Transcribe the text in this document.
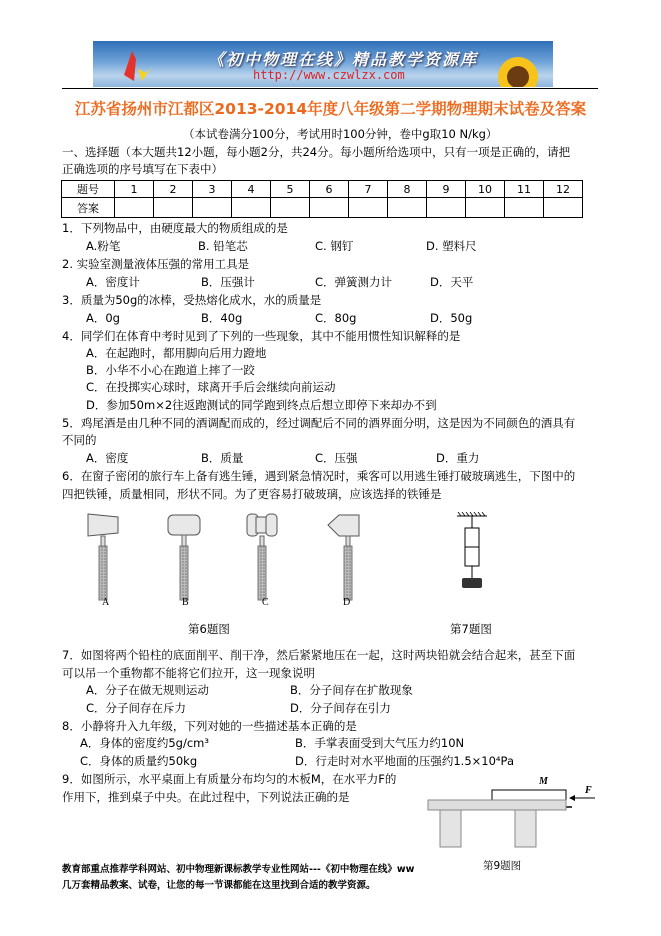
《初中物理在线》精品教学资源库
http://www.czwlzx.com
江苏省扬州市江都区2013-2014年度八年级第二学期物理期末试卷及答案
（本试卷满分100分，考试用时100分钟，卷中g取10 N/kg）
一、选择题（本大题共12小题，每小题2分，共24分。每小题所给选项中，只有一项是正确的，请把
正确选项的序号填写在下表中）
题号	1	2	3	4	5	6	7	8	9	10	11	12
答案												
1．下列物品中，由硬度最大的物质组成的是
A.粉笔	B. 铅笔芯	C. 钢钉	D. 塑料尺
2. 实验室测量液体压强的常用工具是
A．密度计	B．压强计	C．弹簧测力计	D．天平
3．质量为50g的冰棒，受热熔化成水，水的质量是
A．0g	B．40g	C．80g	D．50g
4．同学们在体育中考时见到了下列的一些现象，其中不能用惯性知识解释的是
A．在起跑时，都用脚向后用力蹬地
B．小华不小心在跑道上摔了一跤
C．在投掷实心球时，球离开手后会继续向前运动
D．参加50m×2往返跑测试的同学跑到终点后想立即停下来却办不到
5．鸡尾酒是由几种不同的酒调配而成的，经过调配后不同的酒界面分明，这是因为不同颜色的酒具有
不同的
A．密度	B．质量	C．压强	D．重力
6．在窗子密闭的旅行车上备有逃生锤，遇到紧急情况时，乘客可以用逃生锤打破玻璃逃生，下图中的
四把铁锤，质量相同，形状不同。为了更容易打破玻璃，应该选择的铁锤是
A	B	C	D
第6题图	第7题图
7．如图将两个铅柱的底面削平、削干净，然后紧紧地压在一起，这时两块铅就会结合起来，甚至下面
可以吊一个重物都不能将它们拉开，这一现象说明
A．分子在做无规则运动	B．分子间存在扩散现象
C．分子间存在斥力	D．分子间存在引力
8．小静将升入九年级，下列对她的一些描述基本正确的是
A．身体的密度约5g/cm³	B．手掌表面受到大气压力约10N
C．身体的质量约50kg	D．行走时对水平地面的压强约1.5×10⁴Pa
9．如图所示，水平桌面上有质量分布均匀的木板M，在水平力F的
作用下，推到桌子中央。在此过程中，下列说法正确的是
M
F
第9题图
教育部重点推荐学科网站、初中物理新课标教学专业性网站---《初中物理在线》ww
几万套精品教案、试卷，让您的每一节课都能在这里找到合适的教学资源。
